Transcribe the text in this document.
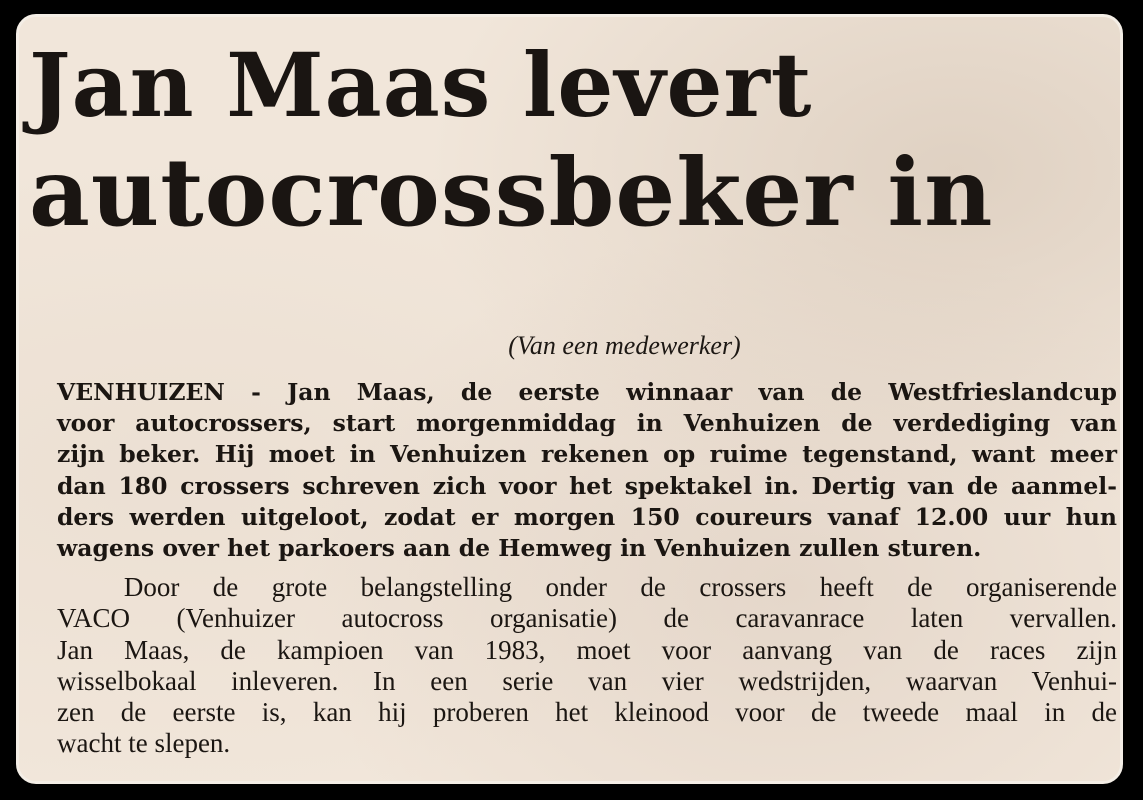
Jan Maas levert
autocrossbeker in
(Van een medewerker)

VENHUIZEN - Jan Maas, de eerste winnaar van de Westfrieslandcup
voor autocrossers, start morgenmiddag in Venhuizen de verdediging van
zijn beker. Hij moet in Venhuizen rekenen op ruime tegenstand, want meer
dan 180 crossers schreven zich voor het spektakel in. Dertig van de aanmel-
ders werden uitgeloot, zodat er morgen 150 coureurs vanaf 12.00 uur hun
wagens over het parkoers aan de Hemweg in Venhuizen zullen sturen.

Door de grote belangstelling onder de crossers heeft de organiserende
VACO (Venhuizer autocross organisatie) de caravanrace laten vervallen.
Jan Maas, de kampioen van 1983, moet voor aanvang van de races zijn
wisselbokaal inleveren. In een serie van vier wedstrijden, waarvan Venhui-
zen de eerste is, kan hij proberen het kleinood voor de tweede maal in de
wacht te slepen.
